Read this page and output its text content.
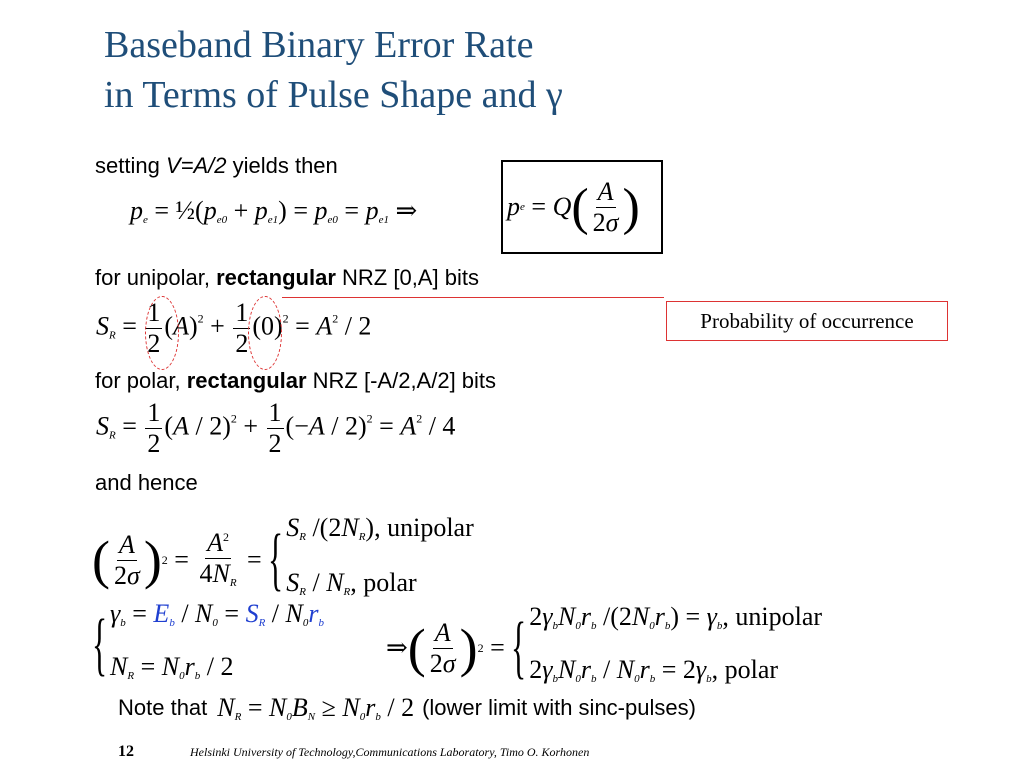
Baseband Binary Error Rate
in Terms of Pulse Shape and γ
setting V=A/2 yields then
$p_e$ = $\frac{1}{2}(p_{e0} + p_{e1}) = p_{e0} = p_{e1}$ ⇒	p e = Q ( $\frac{A}{2\sigma}$ )
for unipolar, rectangular NRZ [0,A] bits
Probability of occurrence
$S_R = \frac{1}{2} (A)^2 + \frac{1}{2} (0)^2 = A^2 / 2$
for polar, rectangular NRZ [-A/2,A/2] bits
$S_R = \frac{1}{2} (A / 2)^2 + \frac{1}{2} (-A / 2)^2 = A^2 / 4$
and hence
( $\frac{A}{2\sigma}$ ) $2 = \frac{A^2}{4N_R}$ = { $S_R$ $/(2N_R)$, unipolar
$S_R / N_R$, polar
{ $\gamma_b = E_b / N_0 = S_R / N_0r_b$
$N_R = N_0r_b / 2$
⇒ ( $\frac{A}{2\sigma}$ ) 2 = { $2\gamma_bN_0r_b$ $/(2N_0r_b) = \gamma_b$, unipolar
$2\gamma_bN_0r_b / N_0r_b = 2\gamma_b$, polar
Note that $N_R = N_0B_N \ge N_0r_b / 2$ (lower limit with sinc-pulses)
12	Helsinki University of Technology,Communications Laboratory, Timo O. Korhonen
